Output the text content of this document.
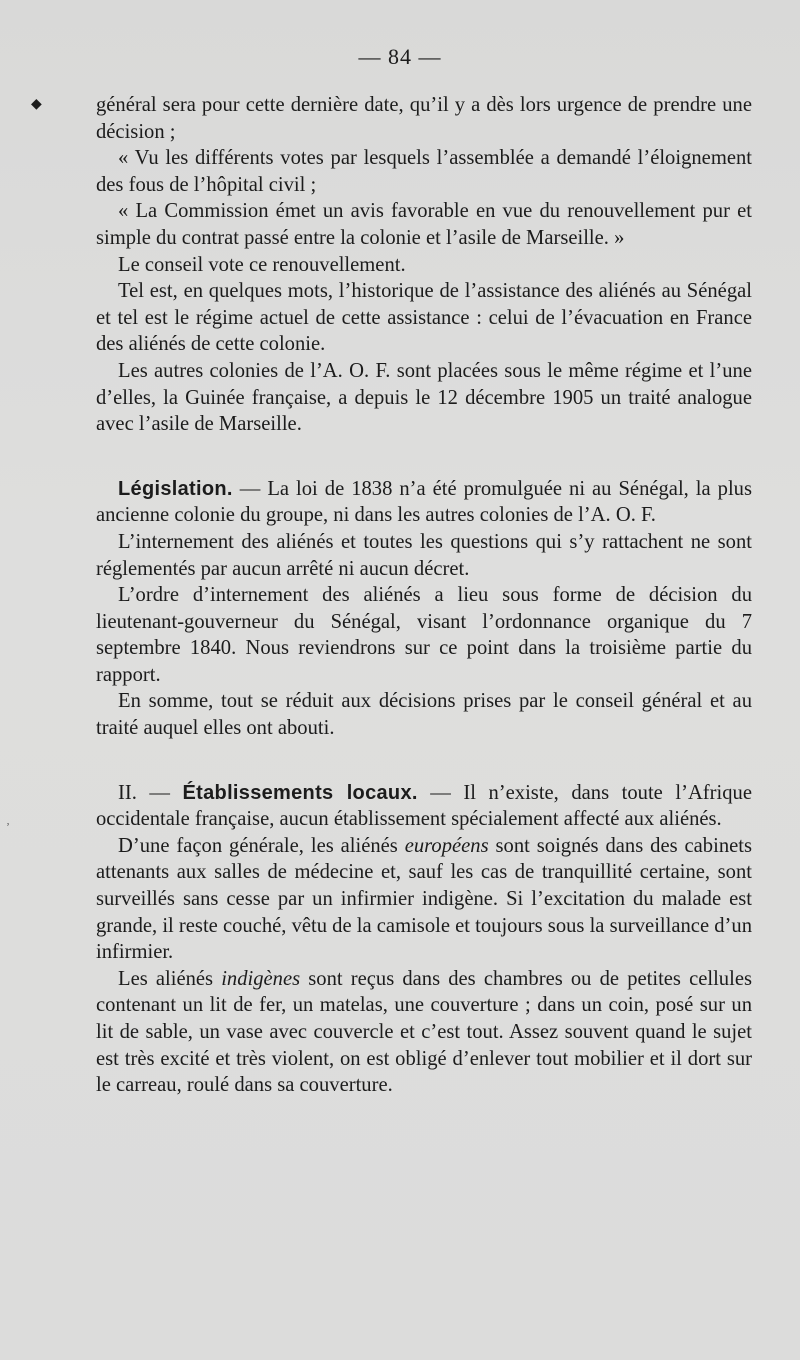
— 84 —
◆
ʼ

général sera pour cette dernière date, qu’il y a dès lors urgence de prendre une décision ;

« Vu les différents votes par lesquels l’assemblée a demandé l’éloignement des fous de l’hôpital civil ;

« La Commission émet un avis favorable en vue du renouvellement pur et simple du contrat passé entre la colonie et l’asile de Marseille. »

Le conseil vote ce renouvellement.

Tel est, en quelques mots, l’historique de l’assistance des aliénés au Sénégal et tel est le régime actuel de cette assistance : celui de l’évacuation en France des aliénés de cette colonie.

Les autres colonies de l’A. O. F. sont placées sous le même régime et l’une d’elles, la Guinée française, a depuis le 12 décembre 1905 un traité analogue avec l’asile de Marseille.

Législation. — La loi de 1838 n’a été promulguée ni au Sénégal, la plus ancienne colonie du groupe, ni dans les autres colonies de l’A. O. F.

L’internement des aliénés et toutes les questions qui s’y rattachent ne sont réglementés par aucun arrêté ni aucun décret.

L’ordre d’internement des aliénés a lieu sous forme de décision du lieutenant-gouverneur du Sénégal, visant l’ordonnance organique du 7 septembre 1840. Nous reviendrons sur ce point dans la troisième partie du rapport.

En somme, tout se réduit aux décisions prises par le conseil général et au traité auquel elles ont abouti.

II. — Établissements locaux. — Il n’existe, dans toute l’Afrique occidentale française, aucun établissement spécialement affecté aux aliénés.

D’une façon générale, les aliénés européens sont soignés dans des cabinets attenants aux salles de médecine et, sauf les cas de tranquillité certaine, sont surveillés sans cesse par un infirmier indigène. Si l’excitation du malade est grande, il reste couché, vêtu de la camisole et toujours sous la surveillance d’un infirmier.

Les aliénés indigènes sont reçus dans des chambres ou de petites cellules contenant un lit de fer, un matelas, une couverture ; dans un coin, posé sur un lit de sable, un vase avec couvercle et c’est tout. Assez souvent quand le sujet est très excité et très violent, on est obligé d’enlever tout mobilier et il dort sur le carreau, roulé dans sa couverture.
